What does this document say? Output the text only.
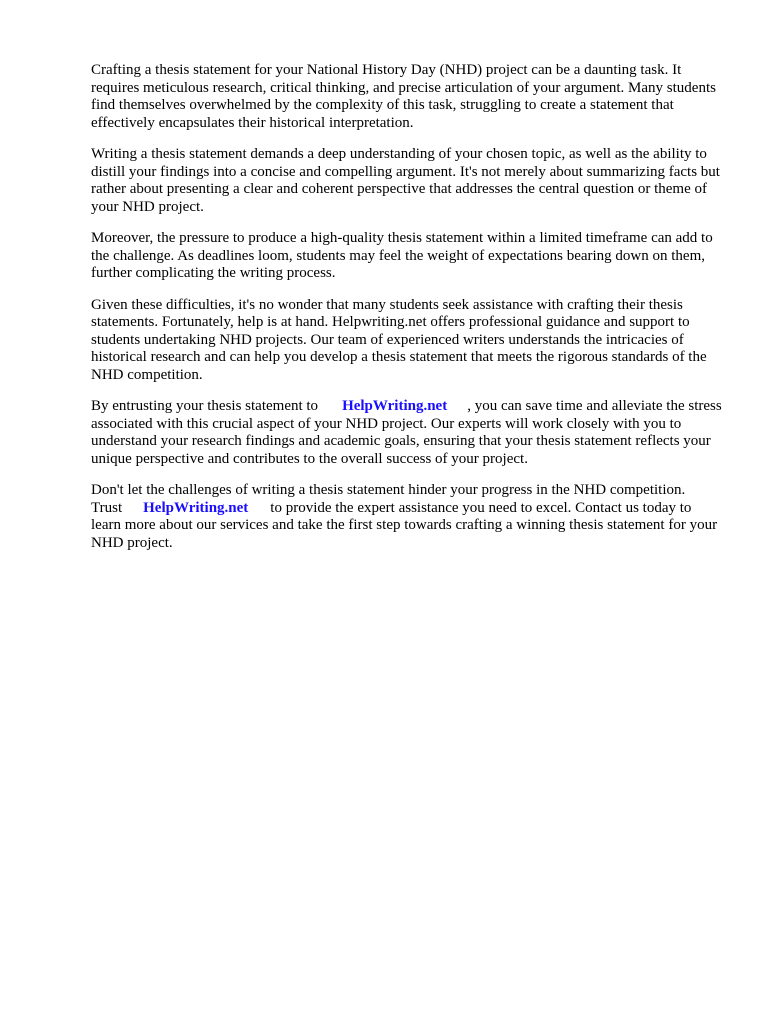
Crafting a thesis statement for your National History Day (NHD) project can be a daunting task. It requires meticulous research, critical thinking, and precise articulation of your argument. Many students find themselves overwhelmed by the complexity of this task, struggling to create a statement that effectively encapsulates their historical interpretation.

Writing a thesis statement demands a deep understanding of your chosen topic, as well as the ability to distill your findings into a concise and compelling argument. It's not merely about summarizing facts but rather about presenting a clear and coherent perspective that addresses the central question or theme of your NHD project.

Moreover, the pressure to produce a high-quality thesis statement within a limited timeframe can add to the challenge. As deadlines loom, students may feel the weight of expectations bearing down on them, further complicating the writing process.

Given these difficulties, it's no wonder that many students seek assistance with crafting their thesis statements. Fortunately, help is at hand. Helpwriting.net offers professional guidance and support to students undertaking NHD projects. Our team of experienced writers understands the intricacies of historical research and can help you develop a thesis statement that meets the rigorous standards of the NHD competition.

By entrusting your thesis statement to HelpWriting.net , you can save time and alleviate the stress associated with this crucial aspect of your NHD project. Our experts will work closely with you to understand your research findings and academic goals, ensuring that your thesis statement reflects your unique perspective and contributes to the overall success of your project.

Don't let the challenges of writing a thesis statement hinder your progress in the NHD competition. Trust HelpWriting.net to provide the expert assistance you need to excel. Contact us today to learn more about our services and take the first step towards crafting a winning thesis statement for your NHD project.
